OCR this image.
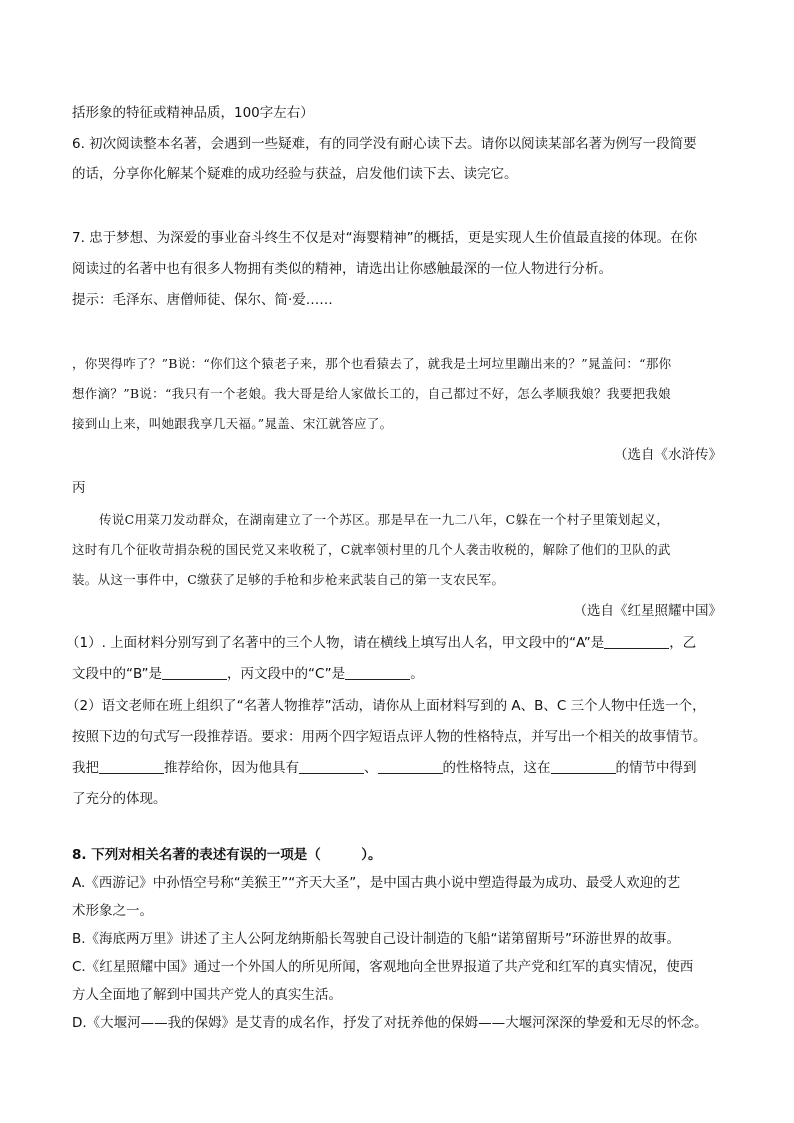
括形象的特征或精神品质，100字左右）
6. 初次阅读整本名著，会遇到一些疑难，有的同学没有耐心读下去。请你以阅读某部名著为例写一段简要
的话，分享你化解某个疑难的成功经验与获益，启发他们读下去、读完它。
7. 忠于梦想、为深爱的事业奋斗终生不仅是对“海婴精神”的概括，更是实现人生价值最直接的体现。在你
阅读过的名著中也有很多人物拥有类似的精神，请选出让你感触最深的一位人物进行分析。
提示：毛泽东、唐僧师徒、保尔、简·爱……
，你哭得咋了？”B说：“你们这个猿老子来，那个也看猿去了，就我是土坷垃里蹦出来的？”晁盖问：“那你
想作滴？”B说：“我只有一个老娘。我大哥是给人家做长工的，自己都过不好，怎么孝顺我娘？我要把我娘
接到山上来，叫她跟我享几天福。”晁盖、宋江就答应了。
（选自《水浒传》
丙
传说C用菜刀发动群众，在湖南建立了一个苏区。那是早在一九二八年，C躲在一个村子里策划起义，
这时有几个征收苛捐杂税的国民党又来收税了，C就率领村里的几个人袭击收税的，解除了他们的卫队的武
装。从这一事件中，C缴获了足够的手枪和步枪来武装自己的第一支农民军。
（选自《红星照耀中国》
（1）. 上面材料分别写到了名著中的三个人物，请在横线上填写出人名，甲文段中的“A”是	，乙
文段中的“B”是	，丙文段中的“C”是	。
（2）语文老师在班上组织了“名著人物推荐”活动，请你从上面材料写到的 A、B、C 三个人物中任选一个，
按照下边的句式写一段推荐语。要求：用两个四字短语点评人物的性格特点，并写出一个相关的故事情节。
我把	推荐给你，因为他具有	、	的性格特点，这在	的情节中得到
了充分的体现。
8. 下列对相关名著的表述有误的一项是（　　　）。
A.《西游记》中孙悟空号称“美猴王”“齐天大圣”，是中国古典小说中塑造得最为成功、最受人欢迎的艺
术形象之一。
B.《海底两万里》讲述了主人公阿龙纳斯船长驾驶自己设计制造的飞船“诺第留斯号”环游世界的故事。
C.《红星照耀中国》通过一个外国人的所见所闻，客观地向全世界报道了共产党和红军的真实情况，使西
方人全面地了解到中国共产党人的真实生活。
D.《大堰河——我的保姆》是艾青的成名作，抒发了对抚养他的保姆——大堰河深深的挚爱和无尽的怀念。
